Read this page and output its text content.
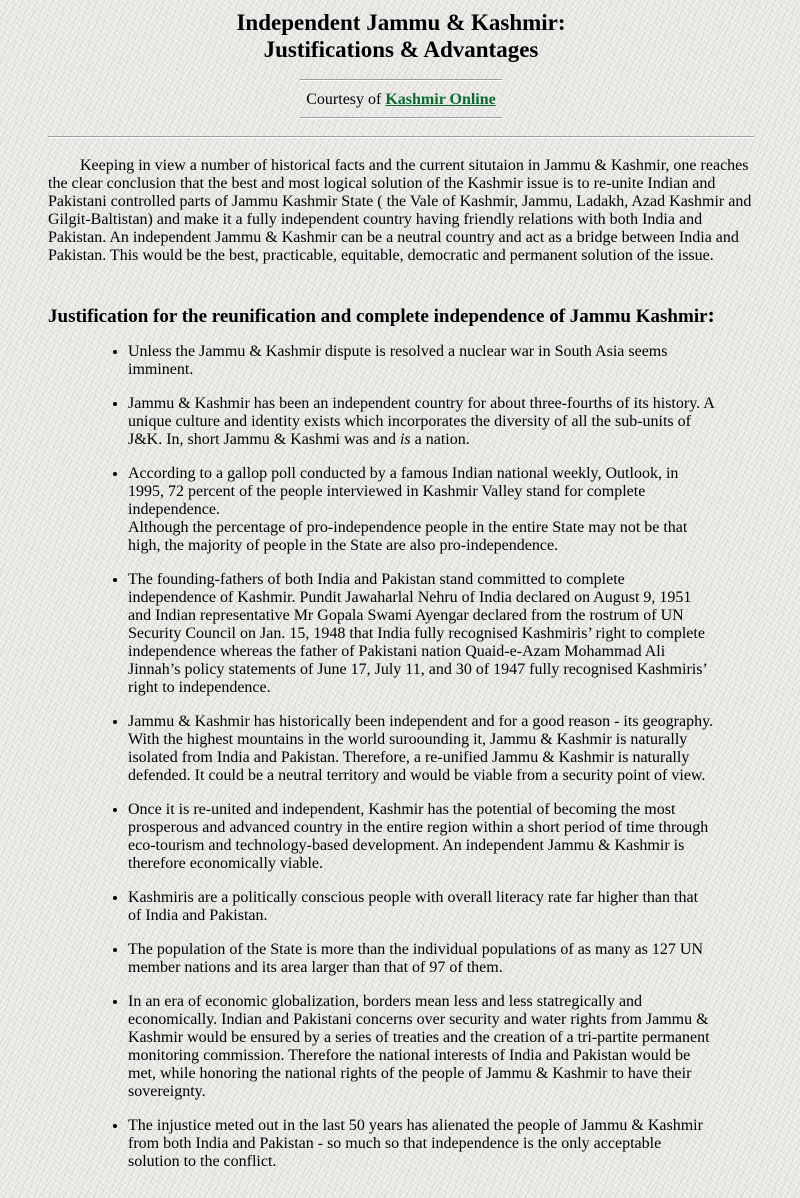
Independent Jammu & Kashmir:
Justifications & Advantages
Courtesy of Kashmir Online

Keeping in view a number of historical facts and the current situtaion in Jammu & Kashmir, one reaches the clear conclusion that the best and most logical solution of the Kashmir issue is to re-unite Indian and Pakistani controlled parts of Jammu Kashmir State ( the Vale of Kashmir, Jammu, Ladakh, Azad Kashmir and Gilgit-Baltistan) and make it a fully independent country having friendly relations with both India and Pakistan. An independent Jammu & Kashmir can be a neutral country and act as a bridge between India and Pakistan. This would be the best, practicable, equitable, democratic and permanent solution of the issue.

Justification for the reunification and complete independence of Jammu Kashmir:
• Unless the Jammu & Kashmir dispute is resolved a nuclear war in South Asia seems imminent.
• Jammu & Kashmir has been an independent country for about three-fourths of its history. A unique culture and identity exists which incorporates the diversity of all the sub-units of J&K. In, short Jammu & Kashmi was and is a nation.
• According to a gallop poll conducted by a famous Indian national weekly, Outlook, in 1995, 72 percent of the people interviewed in Kashmir Valley stand for complete independence.
Although the percentage of pro-independence people in the entire State may not be that high, the majority of people in the State are also pro-independence.
• The founding-fathers of both India and Pakistan stand committed to complete independence of Kashmir. Pundit Jawaharlal Nehru of India declared on August 9, 1951 and Indian representative Mr Gopala Swami Ayengar declared from the rostrum of UN Security Council on Jan. 15, 1948 that India fully recognised Kashmiris’ right to complete independence whereas the father of Pakistani nation Quaid-e-Azam Mohammad Ali Jinnah’s policy statements of June 17, July 11, and 30 of 1947 fully recognised Kashmiris’ right to independence.
• Jammu & Kashmir has historically been independent and for a good reason - its geography. With the highest mountains in the world suroounding it, Jammu & Kashmir is naturally isolated from India and Pakistan. Therefore, a re-unified Jammu & Kashmir is naturally defended. It could be a neutral territory and would be viable from a security point of view.
• Once it is re-united and independent, Kashmir has the potential of becoming the most prosperous and advanced country in the entire region within a short period of time through eco-tourism and technology-based development. An independent Jammu & Kashmir is therefore economically viable.
• Kashmiris are a politically conscious people with overall literacy rate far higher than that of India and Pakistan.
• The population of the State is more than the individual populations of as many as 127 UN member nations and its area larger than that of 97 of them.
• In an era of economic globalization, borders mean less and less statregically and economically. Indian and Pakistani concerns over security and water rights from Jammu & Kashmir would be ensured by a series of treaties and the creation of a tri-partite permanent monitoring commission. Therefore the national interests of India and Pakistan would be met, while honoring the national rights of the people of Jammu & Kashmir to have their sovereignty.
• The injustice meted out in the last 50 years has alienated the people of Jammu & Kashmir from both India and Pakistan - so much so that independence is the only acceptable solution to the conflict.
